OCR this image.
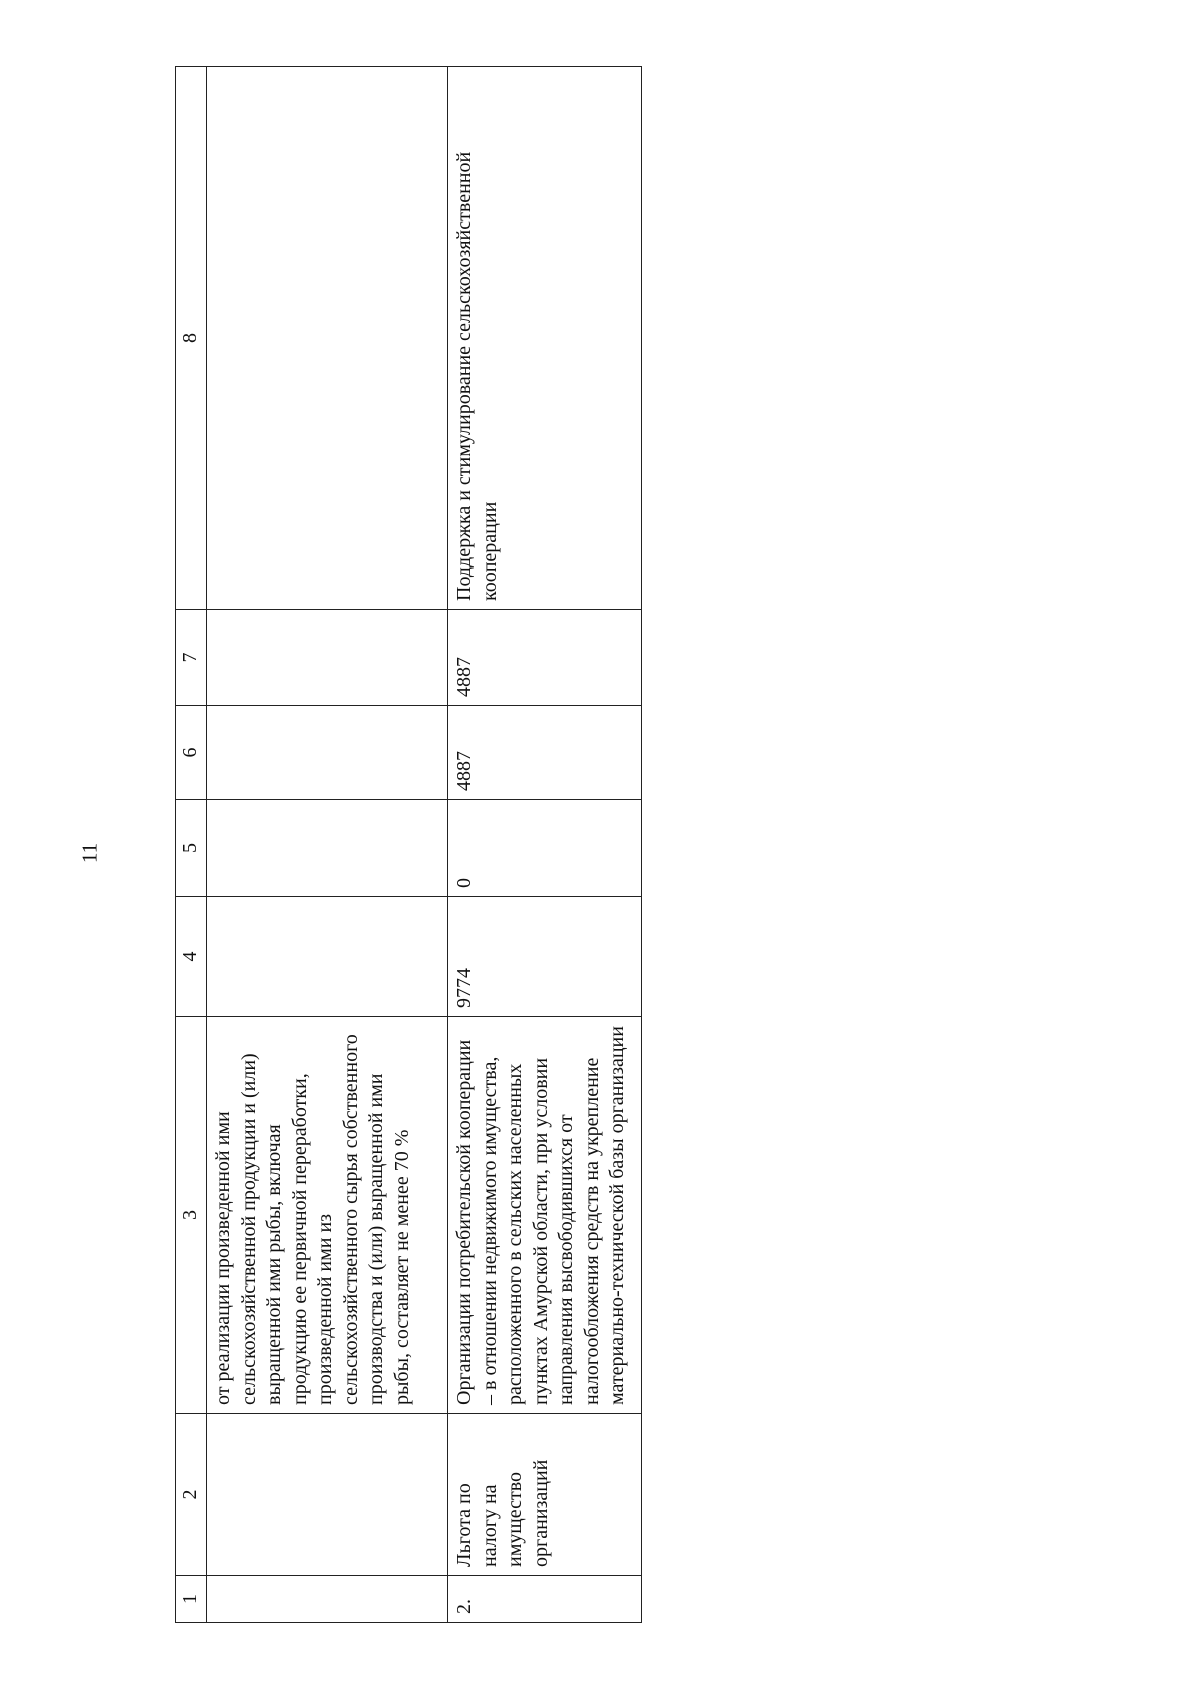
11
1	2	3	4	5	6	7	8
		от реализации произведенной ими сельскохозяйственной продукции и (или) выращенной ими рыбы, включая продукцию ее первичной переработки, произведенной ими из сельскохозяйственного сырья собственного производства и (или) выращенной ими рыбы, составляет не менее 70 %					
2.	Льгота по налогу на имущество организаций	Организации потребительской кооперации – в отношении недвижимого имущества, расположенного в сельских населенных пунктах Амурской области, при условии направления высвободившихся от налогообложения средств на укрепление материально-технической базы организации	9774	0	4887	4887	Поддержка и стимулирование сельскохозяйственной кооперации
